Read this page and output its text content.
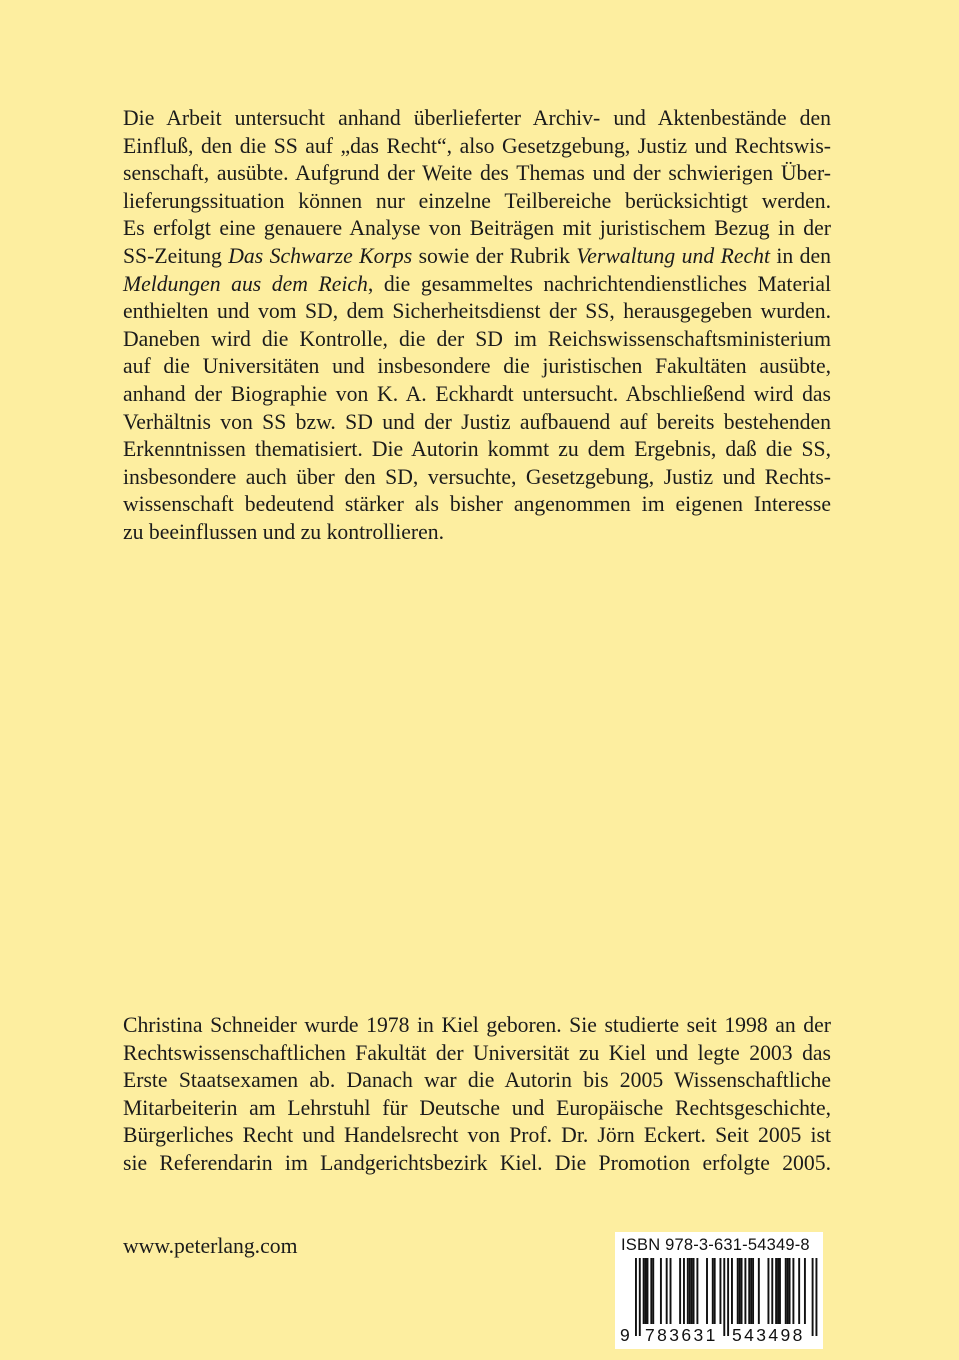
Die Arbeit untersucht anhand überlieferter Archiv- und Aktenbestände den
Einfluß, den die SS auf „das Recht“, also Gesetzgebung, Justiz und Rechtswis-
senschaft, ausübte. Aufgrund der Weite des Themas und der schwierigen Über-
lieferungssituation können nur einzelne Teilbereiche berücksichtigt werden.
Es erfolgt eine genauere Analyse von Beiträgen mit juristischem Bezug in der
SS-Zeitung Das Schwarze Korps sowie der Rubrik Verwaltung und Recht in den
Meldungen aus dem Reich, die gesammeltes nachrichtendienstliches Material
enthielten und vom SD, dem Sicherheitsdienst der SS, herausgegeben wurden.
Daneben wird die Kontrolle, die der SD im Reichswissenschaftsministerium
auf die Universitäten und insbesondere die juristischen Fakultäten ausübte,
anhand der Biographie von K. A. Eckhardt untersucht. Abschließend wird das
Verhältnis von SS bzw. SD und der Justiz aufbauend auf bereits bestehenden
Erkenntnissen thematisiert. Die Autorin kommt zu dem Ergebnis, daß die SS,
insbesondere auch über den SD, versuchte, Gesetzgebung, Justiz und Rechts-
wissenschaft bedeutend stärker als bisher angenommen im eigenen Interesse
zu beeinflussen und zu kontrollieren.
Christina Schneider wurde 1978 in Kiel geboren. Sie studierte seit 1998 an der
Rechtswissenschaftlichen Fakultät der Universität zu Kiel und legte 2003 das
Erste Staatsexamen ab. Danach war die Autorin bis 2005 Wissenschaftliche
Mitarbeiterin am Lehrstuhl für Deutsche und Europäische Rechtsgeschichte,
Bürgerliches Recht und Handelsrecht von Prof. Dr. Jörn Eckert. Seit 2005 ist
sie Referendarin im Landgerichtsbezirk Kiel. Die Promotion erfolgte 2005.
www.peterlang.com	ISBN 978-3-631-54349-8
9 783631 543498
